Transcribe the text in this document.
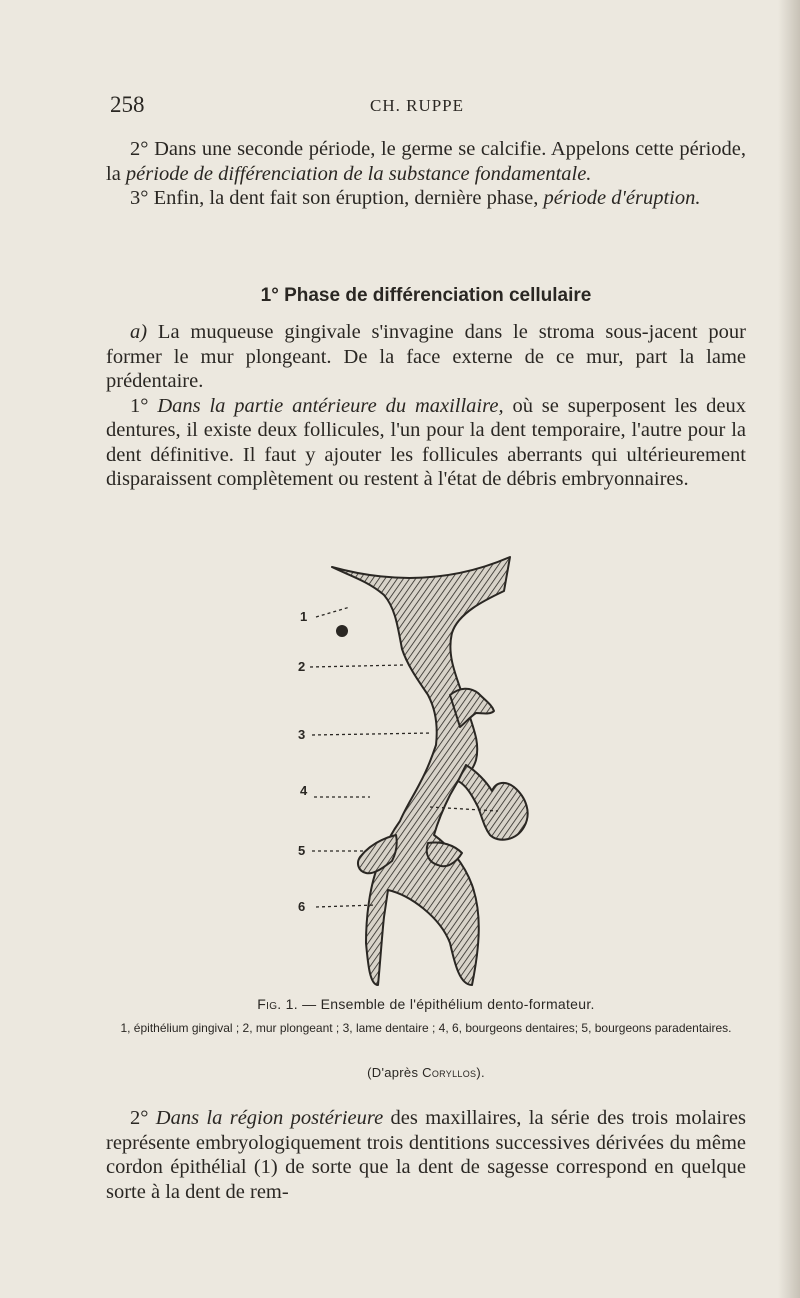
258	CH. RUPPE

2° Dans une seconde période, le germe se calcifie. Appelons cette période, la période de différenciation de la substance fondamentale.

3° Enfin, la dent fait son éruption, dernière phase, période d'éruption.

1° Phase de différenciation cellulaire

a) La muqueuse gingivale s'invagine dans le stroma sous-jacent pour former le mur plongeant. De la face externe de ce mur, part la lame prédentaire.

1° Dans la partie antérieure du maxillaire, où se superposent les deux dentures, il existe deux follicules, l'un pour la dent temporaire, l'autre pour la dent définitive. Il faut y ajouter les follicules aberrants qui ultérieurement disparaissent complètement ou restent à l'état de débris embryonnaires.

1
2
3
4
5
6
Fig. 1. — Ensemble de l'épithélium dento-formateur.
1, épithélium gingival ; 2, mur plongeant ; 3, lame dentaire ; 4, 6, bourgeons dentaires; 5, bourgeons paradentaires.
(D'après Coryllos).

2° Dans la région postérieure des maxillaires, la série des trois molaires représente embryologiquement trois dentitions successives dérivées du même cordon épithélial (1) de sorte que la dent de sagesse correspond en quelque sorte à la dent de rem-
